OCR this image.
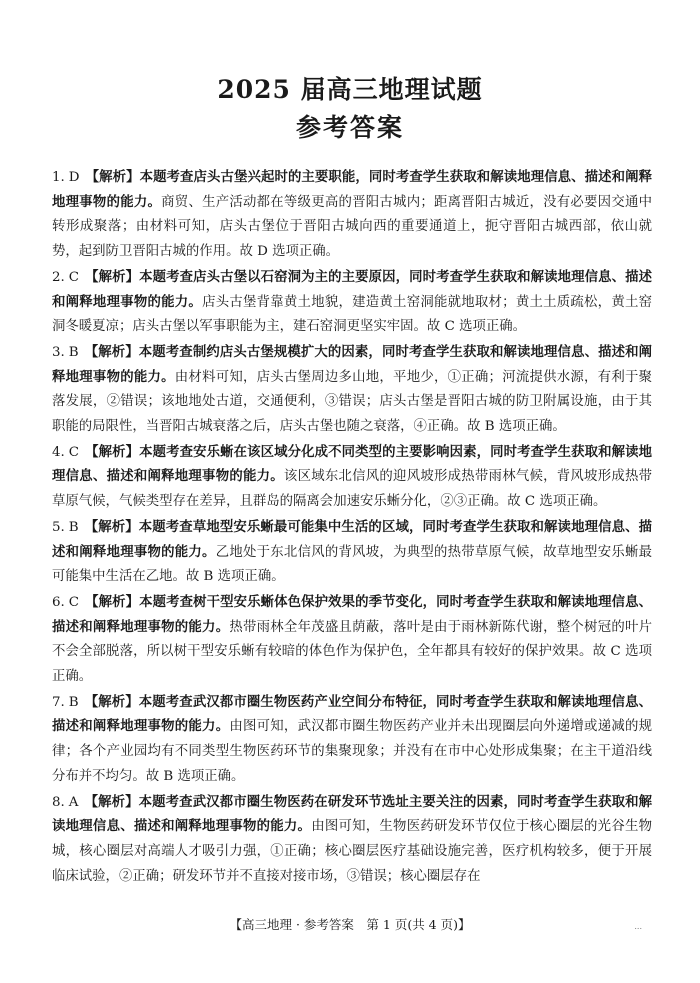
2025 届高三地理试题
参考答案

1. D 【解析】本题考查店头古堡兴起时的主要职能，同时考查学生获取和解读地理信息、描述和阐释地理事物的能力。商贸、生产活动都在等级更高的晋阳古城内；距离晋阳古城近，没有必要因交通中转形成聚落；由材料可知，店头古堡位于晋阳古城向西的重要通道上，扼守晋阳古城西部，依山就势，起到防卫晋阳古城的作用。故 D 选项正确。

2. C 【解析】本题考查店头古堡以石窑洞为主的主要原因，同时考查学生获取和解读地理信息、描述和阐释地理事物的能力。店头古堡背靠黄土地貌，建造黄土窑洞能就地取材；黄土土质疏松，黄土窑洞冬暖夏凉；店头古堡以军事职能为主，建石窑洞更坚实牢固。故 C 选项正确。

3. B 【解析】本题考查制约店头古堡规模扩大的因素，同时考查学生获取和解读地理信息、描述和阐释地理事物的能力。由材料可知，店头古堡周边多山地，平地少，①正确；河流提供水源，有利于聚落发展，②错误；该地地处古道，交通便利，③错误；店头古堡是晋阳古城的防卫附属设施，由于其职能的局限性，当晋阳古城衰落之后，店头古堡也随之衰落，④正确。故 B 选项正确。

4. C 【解析】本题考查安乐蜥在该区域分化成不同类型的主要影响因素，同时考查学生获取和解读地理信息、描述和阐释地理事物的能力。该区域东北信风的迎风坡形成热带雨林气候，背风坡形成热带草原气候，气候类型存在差异，且群岛的隔离会加速安乐蜥分化，②③正确。故 C 选项正确。

5. B 【解析】本题考查草地型安乐蜥最可能集中生活的区域，同时考查学生获取和解读地理信息、描述和阐释地理事物的能力。乙地处于东北信风的背风坡，为典型的热带草原气候，故草地型安乐蜥最可能集中生活在乙地。故 B 选项正确。

6. C 【解析】本题考查树干型安乐蜥体色保护效果的季节变化，同时考查学生获取和解读地理信息、描述和阐释地理事物的能力。热带雨林全年茂盛且荫蔽，落叶是由于雨林新陈代谢，整个树冠的叶片不会全部脱落，所以树干型安乐蜥有较暗的体色作为保护色，全年都具有较好的保护效果。故 C 选项正确。

7. B 【解析】本题考查武汉都市圈生物医药产业空间分布特征，同时考查学生获取和解读地理信息、描述和阐释地理事物的能力。由图可知，武汉都市圈生物医药产业并未出现圈层向外递增或递减的规律；各个产业园均有不同类型生物医药环节的集聚现象；并没有在市中心处形成集聚；在主干道沿线分布并不均匀。故 B 选项正确。

8. A 【解析】本题考查武汉都市圈生物医药在研发环节选址主要关注的因素，同时考查学生获取和解读地理信息、描述和阐释地理事物的能力。由图可知，生物医药研发环节仅位于核心圈层的光谷生物城，核心圈层对高端人才吸引力强，①正确；核心圈层医疗基础设施完善，医疗机构较多，便于开展临床试验，②正确；研发环节并不直接对接市场，③错误；核心圈层存在

【高三地理 · 参考答案　第 1 页(共 4 页)】	...
